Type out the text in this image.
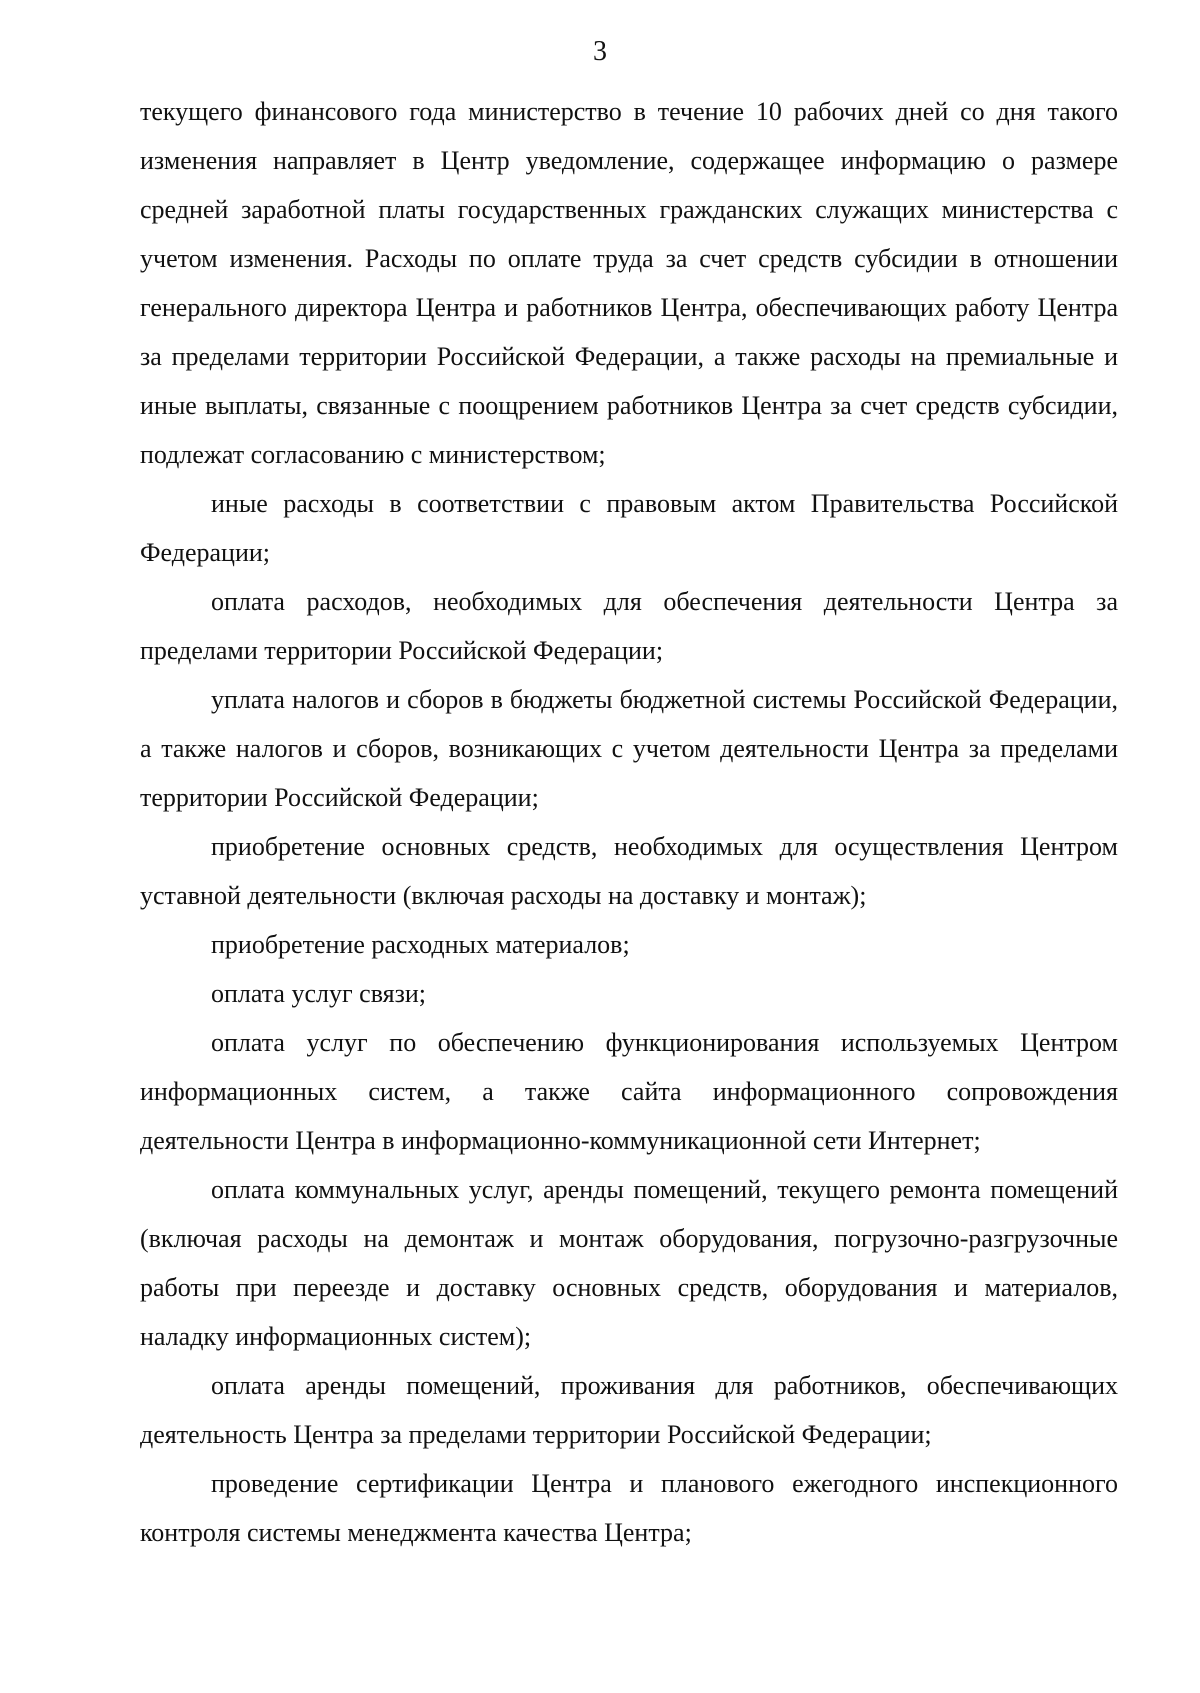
3

текущего финансового года министерство в течение 10 рабочих дней со дня такого изменения направляет в Центр уведомление, содержащее информацию о размере средней заработной платы государственных гражданских служащих министерства с учетом изменения. Расходы по оплате труда за счет средств субсидии в отношении генерального директора Центра и работников Центра, обеспечивающих работу Центра за пределами территории Российской Федерации, а также расходы на премиальные и иные выплаты, связанные с поощрением работников Центра за счет средств субсидии, подлежат согласованию с министерством;

иные расходы в соответствии с правовым актом Правительства Российской Федерации;

оплата расходов, необходимых для обеспечения деятельности Центра за пределами территории Российской Федерации;

уплата налогов и сборов в бюджеты бюджетной системы Российской Федерации, а также налогов и сборов, возникающих с учетом деятельности Центра за пределами территории Российской Федерации;

приобретение основных средств, необходимых для осуществления Центром уставной деятельности (включая расходы на доставку и монтаж);

приобретение расходных материалов;

оплата услуг связи;

оплата услуг по обеспечению функционирования используемых Центром информационных систем, а также сайта информационного сопровождения деятельности Центра в информационно-коммуникационной сети Интернет;

оплата коммунальных услуг, аренды помещений, текущего ремонта помещений (включая расходы на демонтаж и монтаж оборудования, погрузочно-разгрузочные работы при переезде и доставку основных средств, оборудования и материалов, наладку информационных систем);

оплата аренды помещений, проживания для работников, обеспечивающих деятельность Центра за пределами территории Российской Федерации;

проведение сертификации Центра и планового ежегодного инспекционного контроля системы менеджмента качества Центра;
